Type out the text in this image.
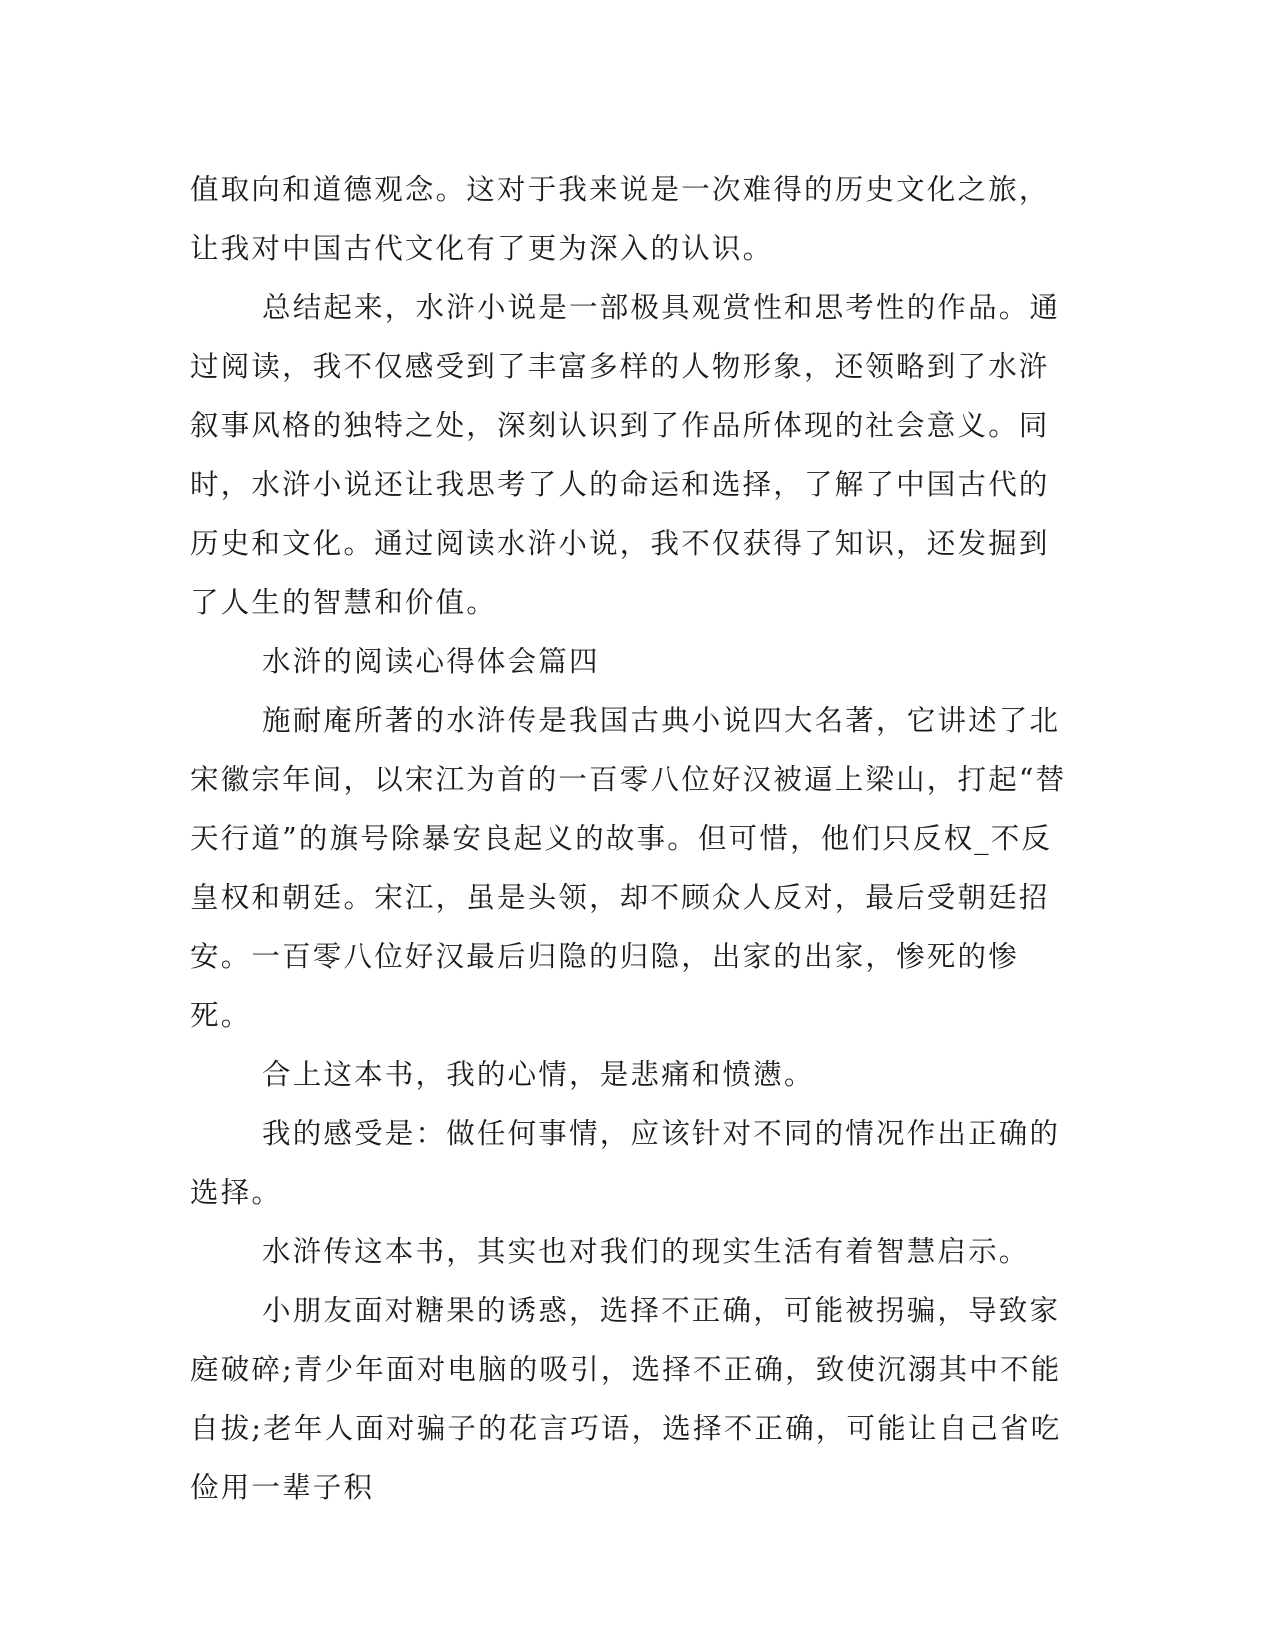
值取向和道德观念。这对于我来说是一次难得的历史文化之旅，让我对中国古代文化有了更为深入的认识。

总结起来，水浒小说是一部极具观赏性和思考性的作品。通过阅读，我不仅感受到了丰富多样的人物形象，还领略到了水浒叙事风格的独特之处，深刻认识到了作品所体现的社会意义。同时，水浒小说还让我思考了人的命运和选择，了解了中国古代的历史和文化。通过阅读水浒小说，我不仅获得了知识，还发掘到了人生的智慧和价值。

水浒的阅读心得体会篇四

施耐庵所著的水浒传是我国古典小说四大名著，它讲述了北宋徽宗年间，以宋江为首的一百零八位好汉被逼上梁山，打起“替天行道”的旗号除暴安良起义的故事。但可惜，他们只反权_不反皇权和朝廷。宋江，虽是头领，却不顾众人反对，最后受朝廷招安。一百零八位好汉最后归隐的归隐，出家的出家，惨死的惨死。

合上这本书，我的心情，是悲痛和愤懑。

我的感受是：做任何事情，应该针对不同的情况作出正确的选择。

水浒传这本书，其实也对我们的现实生活有着智慧启示。

小朋友面对糖果的诱惑，选择不正确，可能被拐骗，导致家庭破碎;青少年面对电脑的吸引，选择不正确，致使沉溺其中不能自拔;老年人面对骗子的花言巧语，选择不正确，可能让自己省吃俭用一辈子积
